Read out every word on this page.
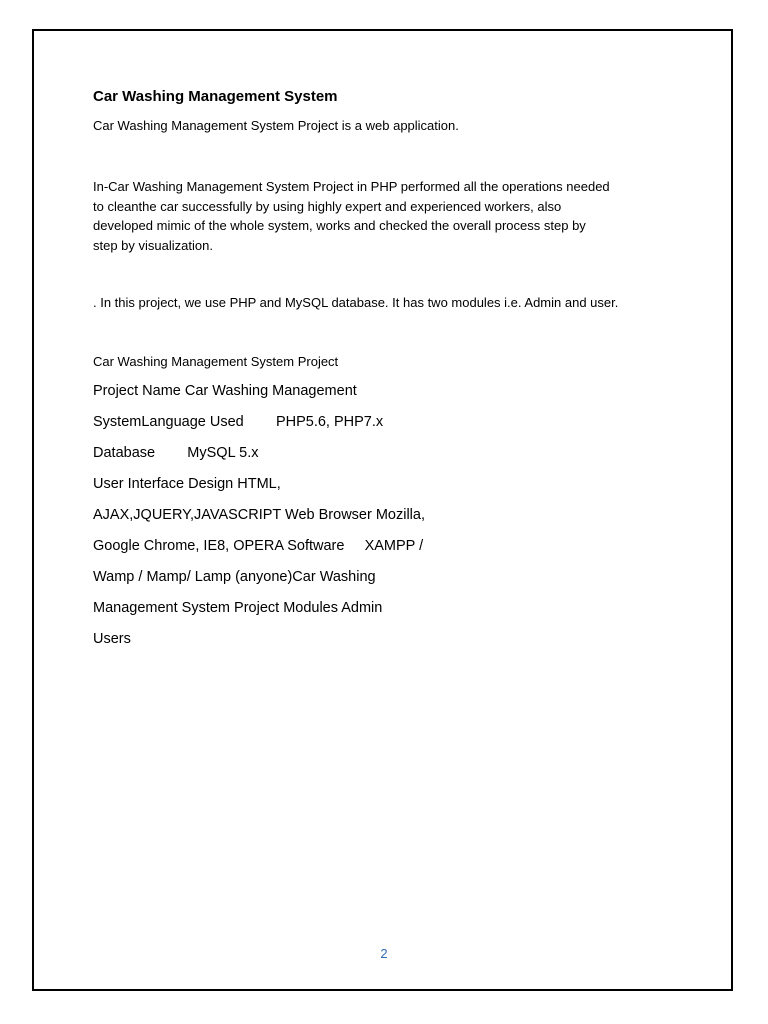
Car Washing Management System
Car Washing Management System Project is a web application.
In-Car Washing Management System Project in PHP performed all the operations needed
to cleanthe car successfully by using highly expert and experienced workers, also
developed mimic of the whole system, works and checked the overall process step by
step by visualization.
. In this project, we use PHP and MySQL database. It has two modules i.e. Admin and user.
Car Washing Management System Project
Project Name Car Washing Management
SystemLanguage Used        PHP5.6, PHP7.x
Database        MySQL 5.x
User Interface Design HTML,
AJAX,JQUERY,JAVASCRIPT Web Browser Mozilla,
Google Chrome, IE8, OPERA Software     XAMPP /
Wamp / Mamp/ Lamp (anyone)Car Washing
Management System Project Modules Admin
Users
2
